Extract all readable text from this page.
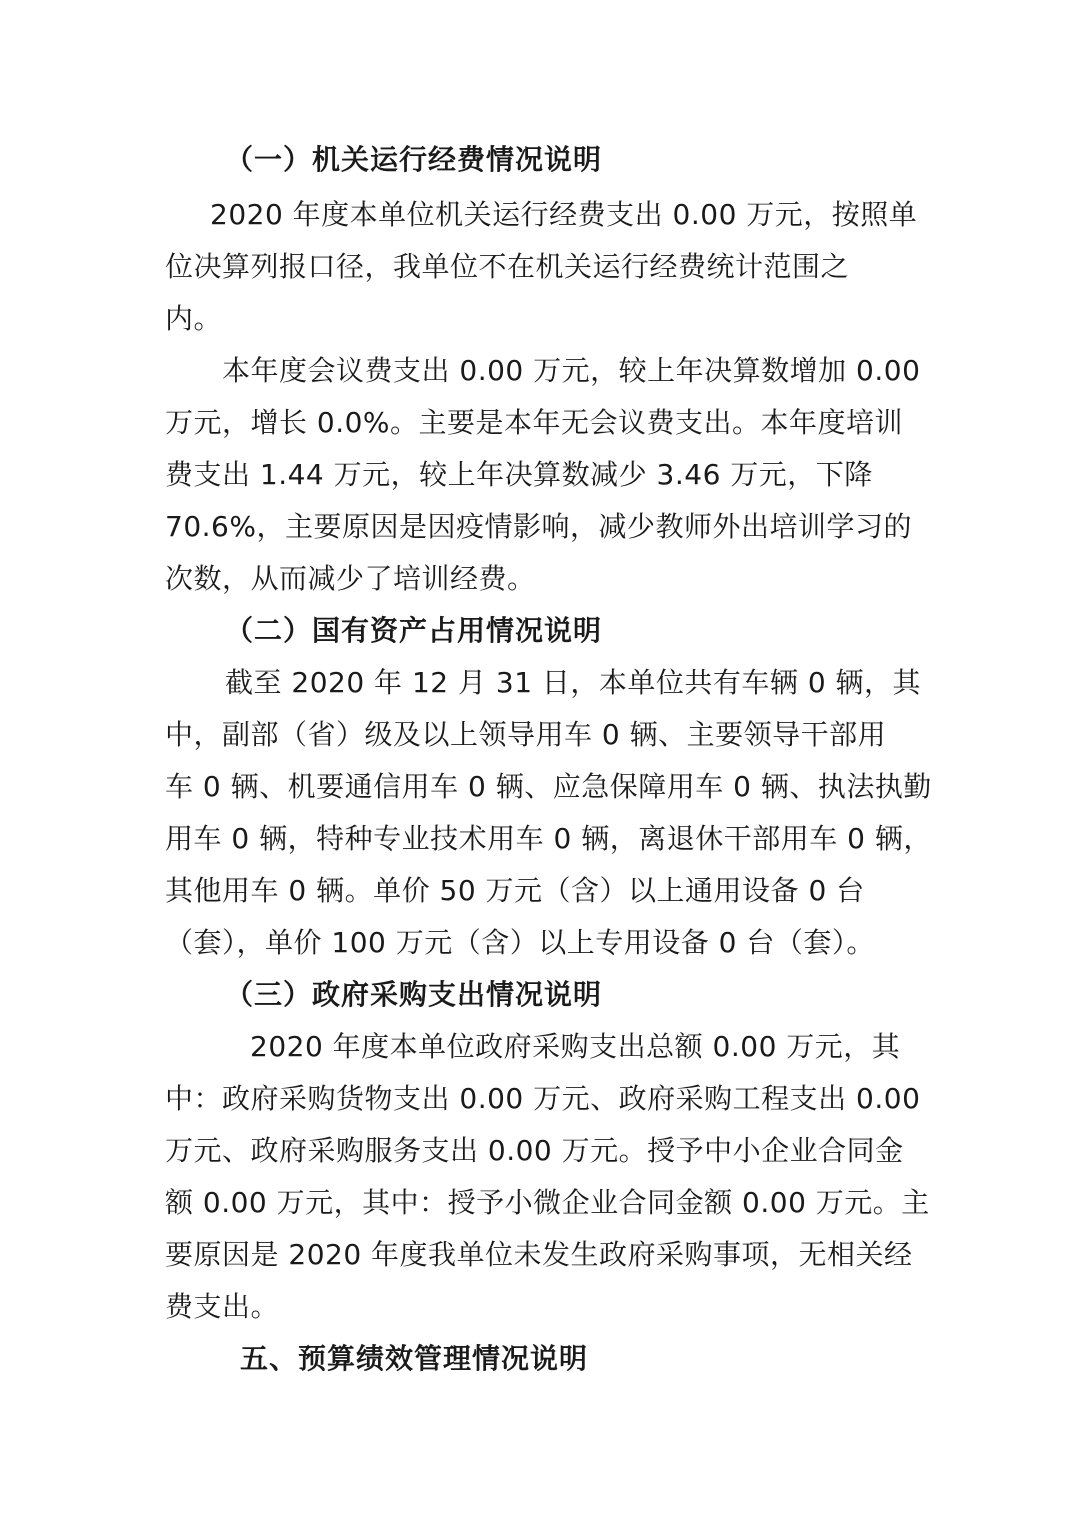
（一）机关运行经费情况说明
2020 年度本单位机关运行经费支出 0.00 万元，按照单
位决算列报口径，我单位不在机关运行经费统计范围之
内。
本年度会议费支出 0.00 万元，较上年决算数增加 0.00
万元，增长 0.0%。主要是本年无会议费支出。本年度培训
费支出 1.44 万元，较上年决算数减少 3.46 万元，下降
70.6%，主要原因是因疫情影响，减少教师外出培训学习的
次数，从而减少了培训经费。
（二）国有资产占用情况说明
截至 2020 年 12 月 31 日，本单位共有车辆 0 辆，其
中，副部（省）级及以上领导用车 0 辆、主要领导干部用
车 0 辆、机要通信用车 0 辆、应急保障用车 0 辆、执法执勤
用车 0 辆，特种专业技术用车 0 辆，离退休干部用车 0 辆，
其他用车 0 辆。单价 50 万元（含）以上通用设备 0 台
（套），单价 100 万元（含）以上专用设备 0 台（套）。
（三）政府采购支出情况说明
2020 年度本单位政府采购支出总额 0.00 万元，其
中：政府采购货物支出 0.00 万元、政府采购工程支出 0.00
万元、政府采购服务支出 0.00 万元。授予中小企业合同金
额 0.00 万元，其中：授予小微企业合同金额 0.00 万元。主
要原因是 2020 年度我单位未发生政府采购事项，无相关经
费支出。
五、预算绩效管理情况说明
